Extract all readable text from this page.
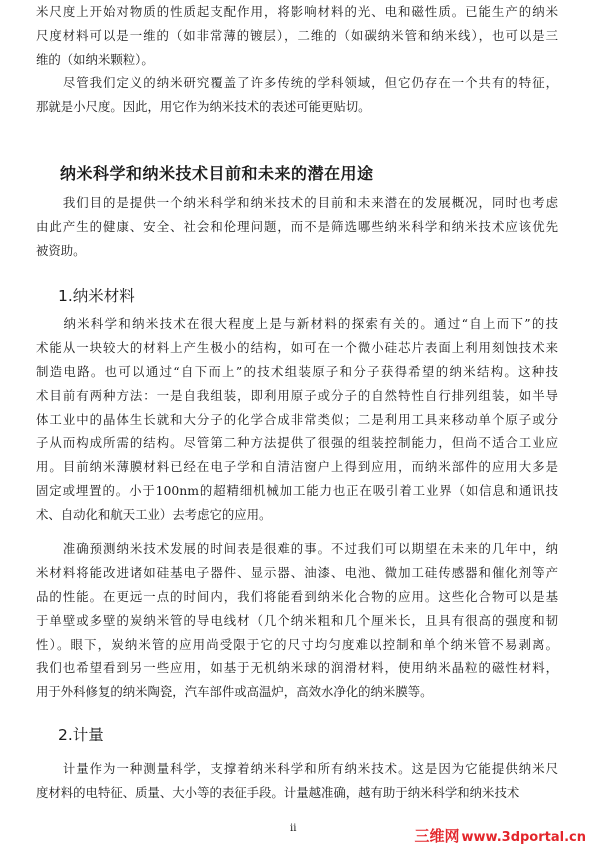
米尺度上开始对物质的性质起支配作用，将影响材料的光、电和磁性质。已能生产的纳米
尺度材料可以是一维的（如非常薄的镀层），二维的（如碳纳米管和纳米线），也可以是三
维的（如纳米颗粒）。
　　尽管我们定义的纳米研究覆盖了许多传统的学科领域，但它仍存在一个共有的特征，
那就是小尺度。因此，用它作为纳米技术的表述可能更贴切。
纳米科学和纳米技术目前和未来的潜在用途
　　我们目的是提供一个纳米科学和纳米技术的目前和未来潜在的发展概况，同时也考虑
由此产生的健康、安全、社会和伦理问题，而不是筛选哪些纳米科学和纳米技术应该优先
被资助。
1.纳米材料
　　纳米科学和纳米技术在很大程度上是与新材料的探索有关的。通过“自上而下”的技
术能从一块较大的材料上产生极小的结构，如可在一个微小硅芯片表面上利用刻蚀技术来
制造电路。也可以通过“自下而上”的技术组装原子和分子获得希望的纳米结构。这种技
术目前有两种方法：一是自我组装，即利用原子或分子的自然特性自行排列组装，如半导
体工业中的晶体生长就和大分子的化学合成非常类似；二是利用工具来移动单个原子或分
子从而构成所需的结构。尽管第二种方法提供了很强的组装控制能力，但尚不适合工业应
用。目前纳米薄膜材料已经在电子学和自清洁窗户上得到应用，而纳米部件的应用大多是
固定或埋置的。小于100nm的超精细机械加工能力也正在吸引着工业界（如信息和通讯技
术、自动化和航天工业）去考虑它的应用。
　　准确预测纳米技术发展的时间表是很难的事。不过我们可以期望在未来的几年中，纳
米材料将能改进诸如硅基电子器件、显示器、油漆、电池、微加工硅传感器和催化剂等产
品的性能。在更远一点的时间内，我们将能看到纳米化合物的应用。这些化合物可以是基
于单壁或多壁的炭纳米管的导电线材（几个纳米粗和几个厘米长，且具有很高的强度和韧
性）。眼下，炭纳米管的应用尚受限于它的尺寸均匀度难以控制和单个纳米管不易剥离。
我们也希望看到另一些应用，如基于无机纳米球的润滑材料，使用纳米晶粒的磁性材料，
用于外科修复的纳米陶瓷，汽车部件或高温炉，高效水净化的纳米膜等。
2.计量
　　计量作为一种测量科学，支撑着纳米科学和所有纳米技术。这是因为它能提供纳米尺
度材料的电特征、质量、大小等的表征手段。计量越准确，越有助于纳米科学和纳米技术
ii	三维网 www.3dportal.cn
